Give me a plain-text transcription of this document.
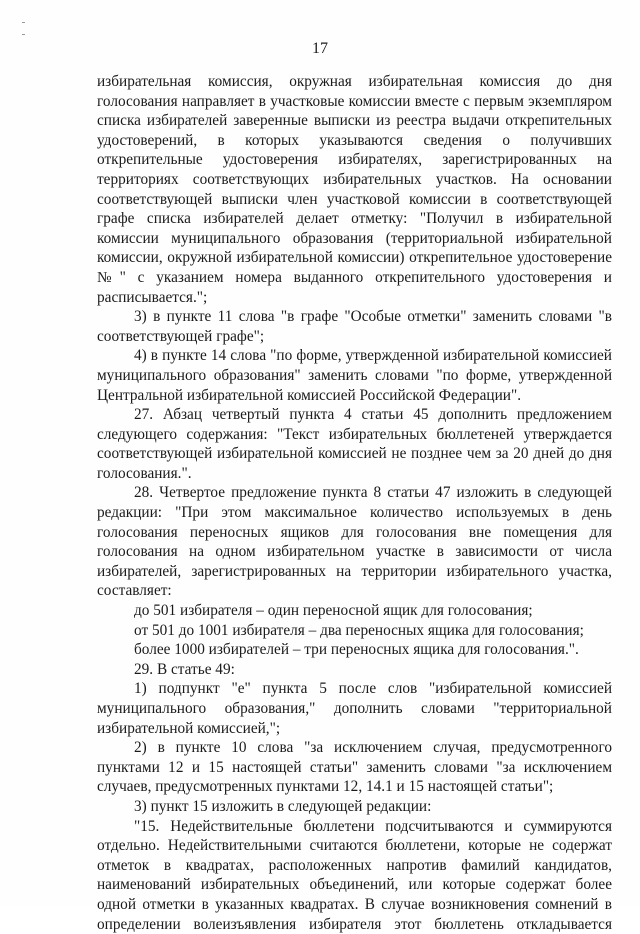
17

избирательная комиссия, окружная избирательная комиссия до дня голосования направляет в участковые комиссии вместе с первым экземпляром списка избирателей заверенные выписки из реестра выдачи открепительных удостоверений, в которых указываются сведения о получивших открепительные удостоверения избирателях, зарегистрированных на территориях соответствующих избирательных участков. На основании соответствующей выписки член участковой комиссии в соответствующей графе списка избирателей делает отметку: "Получил в избирательной комиссии муниципального образования (территориальной избирательной комиссии, окружной избирательной комиссии) открепительное удостоверение №" с указанием номера выданного открепительного удостоверения и расписывается.";

3) в пункте 11 слова "в графе "Особые отметки" заменить словами "в соответствующей графе";

4) в пункте 14 слова "по форме, утвержденной избирательной комиссией муниципального образования" заменить словами "по форме, утвержденной Центральной избирательной комиссией Российской Федерации".

27. Абзац четвертый пункта 4 статьи 45 дополнить предложением следующего содержания: "Текст избирательных бюллетеней утверждается соответствующей избирательной комиссией не позднее чем за 20 дней до дня голосования.".

28. Четвертое предложение пункта 8 статьи 47 изложить в следующей редакции: "При этом максимальное количество используемых в день голосования переносных ящиков для голосования вне помещения для голосования на одном избирательном участке в зависимости от числа избирателей, зарегистрированных на территории избирательного участка, составляет:

до 501 избирателя – один переносной ящик для голосования;

от 501 до 1001 избирателя – два переносных ящика для голосования;

более 1000 избирателей – три переносных ящика для голосования.".

29. В статье 49:

1) подпункт "е" пункта 5 после слов "избирательной комиссией муниципального образования," дополнить словами "территориальной избирательной комиссией,";

2) в пункте 10 слова "за исключением случая, предусмотренного пунктами 12 и 15 настоящей статьи" заменить словами "за исключением случаев, предусмотренных пунктами 12, 14.1 и 15 настоящей статьи";

3) пункт 15 изложить в следующей редакции:

"15. Недействительные бюллетени подсчитываются и суммируются отдельно. Недействительными считаются бюллетени, которые не содержат отметок в квадратах, расположенных напротив фамилий кандидатов, наименований избирательных объединений, или которые содержат более одной отметки в указанных квадратах. В случае возникновения сомнений в определении волеизъявления избирателя этот бюллетень откладывается
